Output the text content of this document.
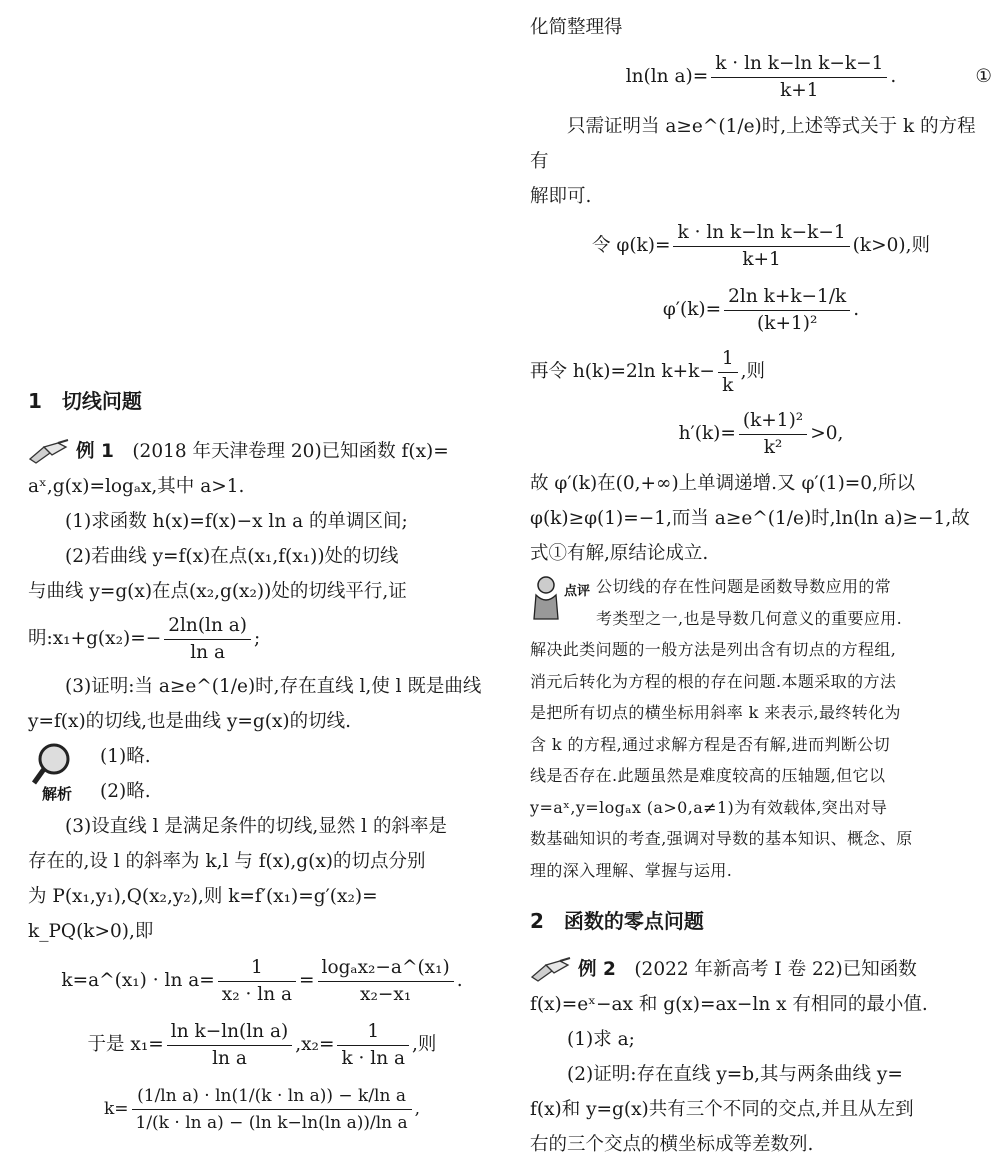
1　切线问题

例 1　 (2018 年天津卷理 20)已知函数 f(x)=

aˣ,g(x)=logₐx,其中 a>1.

(1)求函数 h(x)=f(x)−x ln a 的单调区间;

(2)若曲线 y=f(x)在点(x₁,f(x₁))处的切线

与曲线 y=g(x)在点(x₂,g(x₂))处的切线平行,证

明:x₁+g(x₂)=− $\frac{\text{2ln(ln a)}}{\text{ln a}}$ ;

(3)证明:当 a≥e^(1/e)时,存在直线 l,使 l 既是曲线

y=f(x)的切线,也是曲线 y=g(x)的切线.

解析

(1)略.

(2)略.

(3)设直线 l 是满足条件的切线,显然 l 的斜率是

存在的,设 l 的斜率为 k,l 与 f(x),g(x)的切点分别

为 P(x₁,y₁),Q(x₂,y₂),则 k=f′(x₁)=g′(x₂)=

k_PQ(k>0),即

k=a^(x₁) · $\ln a= \frac{1}{\text{x₂ · ln a}} = \frac{\text{logₐx₂−a\textasciicircum{}(x₁)}}{\text{x₂−x₁}}$ .

于是 $x_1= \frac{\text{ln k−ln(ln a)}}{\text{ln a}} ,x_2= \frac{1}{\text{k · ln a}}$ ,则

$k= \frac{\text{(1/ln a) · ln(1/(k · ln a)) − k/ln a}}{\text{1/(k · ln a) − (ln k−ln(ln a))/ln a}}$ ,

化简整理得

ln(ln $a)= \frac{\text{k · ln k−ln k−k−1}}{k+1}$ .	①

只需证明当 a≥e^(1/e)时,上述等式关于 k 的方程有

解即可.

令 $\varphi(k)= \frac{\text{k · ln k−ln k−k−1}}{k+1} (k>0)$,则

$\varphi'(k)= \frac{\text{2ln k+k−1/k}}{\text{(k+1)²}}$ .

再令 h(k)=2ln $k+k- \frac{1}{k}$ ,则

$h'(k)= \frac{\text{(k+1)²}}{\text{k²}} >0$,

故 φ′(k)在(0,+∞)上单调递增.又 φ′(1)=0,所以

φ(k)≥φ(1)=−1,而当 a≥e^(1/e)时,ln(ln a)≥−1,故

式①有解,原结论成立.

点评 公切线的存在性问题是函数导数应用的常

考类型之一,也是导数几何意义的重要应用.

解决此类问题的一般方法是列出含有切点的方程组,

消元后转化为方程的根的存在问题.本题采取的方法

是把所有切点的横坐标用斜率 k 来表示,最终转化为

含 k 的方程,通过求解方程是否有解,进而判断公切

线是否存在.此题虽然是难度较高的压轴题,但它以

y=aˣ,y=logₐx (a>0,a≠1)为有效载体,突出对导

数基础知识的考查,强调对导数的基本知识、概念、原

理的深入理解、掌握与运用.

2　函数的零点问题

例 2　 (2022 年新高考 Ⅰ 卷 22)已知函数

f(x)=eˣ−ax 和 g(x)=ax−ln x 有相同的最小值.

(1)求 a;

(2)证明:存在直线 y=b,其与两条曲线 y=

f(x)和 y=g(x)共有三个不同的交点,并且从左到

右的三个交点的横坐标成等差数列.
